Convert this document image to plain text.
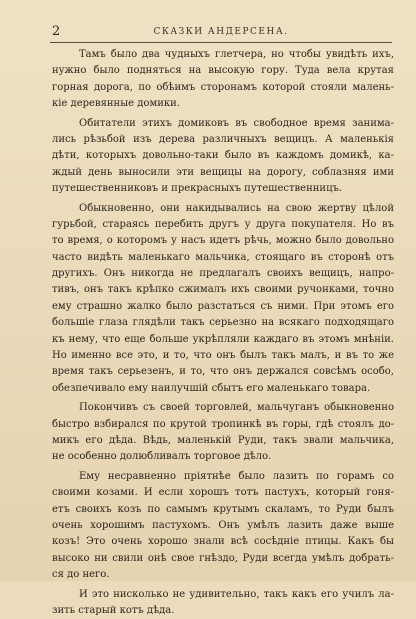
2	СКАЗКИ АНДЕРСЕНА.
Тамъ было два чудныхъ глетчера, но чтобы увидѣть ихъ,
нужно было подняться на высокую гору. Туда вела крутая
горная дорога, по обѣимъ сторонамъ которой стояли малень-
кіе деревянные домики.
Обитатели этихъ домиковъ въ свободное время занима-
лись рѣзьбой изъ дерева различныхъ вещицъ. А маленькія
дѣти, которыхъ довольно-таки было въ каждомъ домикѣ, ка-
ждый день выносили эти вещицы на дорогу, соблазняя ими
путешественниковъ и прекрасныхъ путешественницъ.
Обыкновенно, они накидывались на свою жертву цѣлой
гурьбой, стараясь перебить другъ у друга покупателя. Но въ
то время, о которомъ у насъ идетъ рѣчь, можно было довольно
часто видѣть маленькаго мальчика, стоящаго въ сторонѣ отъ
другихъ. Онъ никогда не предлагалъ своихъ вещицъ, напро-
тивъ, онъ такъ крѣпко сжималъ ихъ своими ручонками, точно
ему страшно жалко было разстаться съ ними. При этомъ его
большіе глаза глядѣли такъ серьезно на всякаго подходящаго
къ нему, что еще больше укрѣпляли каждаго въ этомъ мнѣніи.
Но именно все это, и то, что онъ былъ такъ малъ, и въ то же
время такъ серьезенъ, и то, что онъ держался совсѣмъ особо,
обезпечивало ему наилучшій сбытъ его маленькаго товара.
Покончивъ съ своей торговлей, мальчуганъ обыкновенно
быстро взбирался по крутой тропинкѣ въ горы, гдѣ стоялъ до-
микъ его дѣда. Вѣдь, маленькій Руди, такъ звали мальчика,
не особенно долюбливалъ торговое дѣло.
Ему несравненно пріятнѣе было лазить по горамъ со
своими козами. И если хорошъ тотъ пастухъ, который гоня-
етъ своихъ козъ по самымъ крутымъ скаламъ, то Руди былъ
очень хорошимъ пастухомъ. Онъ умѣлъ лазить даже выше
козъ! Это очень хорошо знали всѣ сосѣдніе птицы. Какъ бы
высоко ни свили онѣ свое гнѣздо, Руди всегда умѣлъ добрать-
ся до него.
И это нисколько не удивительно, такъ какъ его училъ ла-
зить старый котъ дѣда.
